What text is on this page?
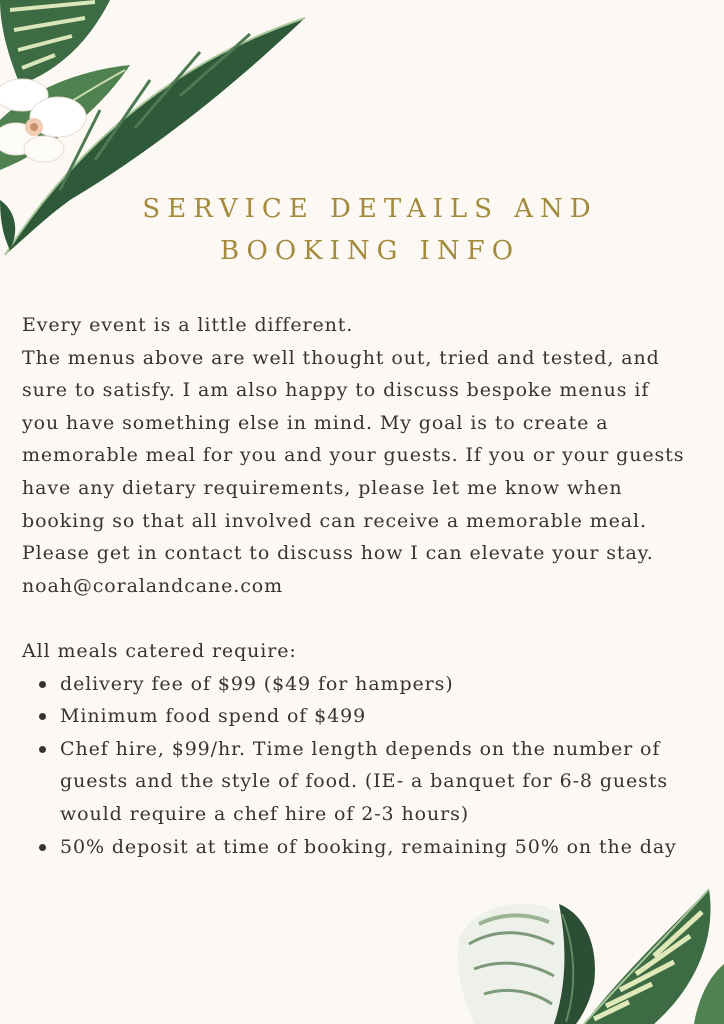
SERVICE DETAILS AND
BOOKING INFO

Every event is a little different.

The menus above are well thought out, tried and tested, and sure to satisfy. I am also happy to discuss bespoke menus if you have something else in mind. My goal is to create a memorable meal for you and your guests. If you or your guests have any dietary requirements, please let me know when booking so that all involved can receive a memorable meal.

Please get in contact to discuss how I can elevate your stay.

noah@coralandcane.com

All meals catered require:

delivery fee of $99 ($49 for hampers)
Minimum food spend of $499
Chef hire, $99/hr. Time length depends on the number of guests and the style of food. (IE- a banquet for 6-8 guests would require a chef hire of 2-3 hours)
50% deposit at time of booking, remaining 50% on the day
